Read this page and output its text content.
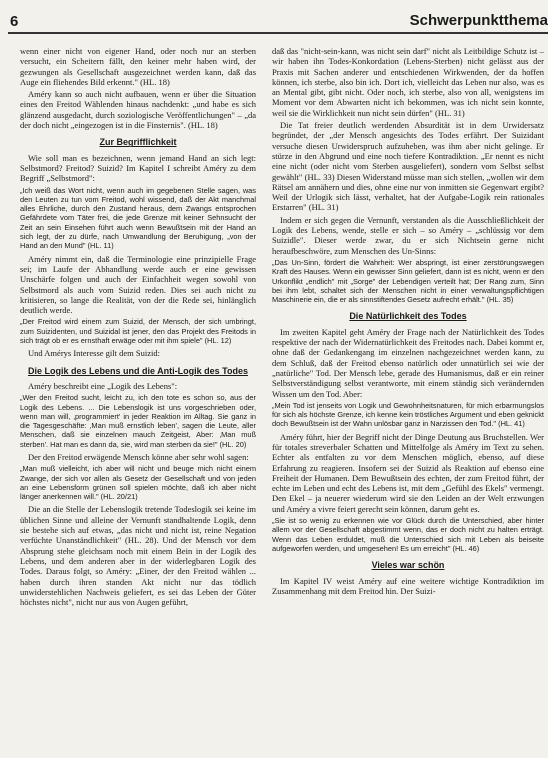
6	Schwerpunktthema

wenn einer nicht von eigener Hand, oder noch nur an sterben versucht, ein Scheitern fällt, den keiner mehr haben wird, der gezwungen als Gesellschaft ausgezeichnet werden kann, daß das Auge ein fliehendes Bild erkennt." (HL. 18)

Améry kann so auch nicht aufbauen, wenn er über die Situation eines den Freitod Wählenden hinaus nachdenkt: „und habe es sich glänzend ausgedacht, durch soziologische Veröffentlichungen" – „da der doch nicht „eingezogen ist in die Finsternis". (HL. 18)

Zur Begrifflichkeit

Wie soll man es bezeichnen, wenn jemand Hand an sich legt: Selbstmord? Freitod? Suizid? Im Kapitel I schreibt Améry zu dem Begriff „Selbstmord":

„Ich weiß das Wort nicht, wenn auch im gegebenen Stelle sagen, was den Leuten zu tun vom Freitod, wohl wissend, daß der Akt manchmal alles Ehrliche, durch den Zustand heraus, dem Zwangs entsprochen Gefährdete vom Täter frei, die jede Grenze mit keiner Sehnsucht der Zeit an sein Einsehen führt auch wenn Bewußtsein mit der Hand an sich legt, der zu dürfe, nach Umwandlung der Beruhigung, „von der Hand an den Mund" (HL. 11)

Améry nimmt ein, daß die Terminologie eine prinzipielle Frage sei; im Laufe der Abhandlung werde auch er eine gewissen Unschärfe folgen und auch der Einfachheit wegen sowohl von Selbstmord als auch vom Suizid reden. Dies sei auch nicht zu kritisieren, so lange die Realität, von der die Rede sei, hinlänglich deutlich werde.

„Der Freitod wird einem zum Suizid, der Mensch, der sich umbringt, zum Suizidenten, und Suizidal ist jener, den das Projekt des Freitods in sich trägt ob er es ernsthaft erwäge oder mit ihm spiele" (HL. 12)

Und Amérys Interesse gilt dem Suizid:

Die Logik des Lebens und die Anti-Logik des Todes

Améry beschreibt eine „Logik des Lebens":

„Wer den Freitod sucht, leicht zu, ich den tote es schon so, aus der Logik des Lebens. ... Die Lebenslogik ist uns vorgeschrieben oder, wenn man will, ‚programmiert' in jeder Reaktion im Alltag. Sie ganz in die Tagesgeschäfte: ‚Man muß ernstlich leben', sagen die Leute, aller Menschen, daß sie einzelnen mauch Zeitgeist, Aber: ‚Man muß sterben'. Hat man es dann da, sie, wird man sterben da sie!" (HL. 20)

Der den Freitod erwägende Mensch könne aber sehr wohl sagen:

„Man muß vielleicht, ich aber will nicht und beuge mich nicht einem Zwange, der sich vor allen als Gesetz der Gesellschaft und von jeden an eine Lebensform grünen soll spielen möchte, daß ich aber nicht länger anerkennen will." (HL. 20/21)

Die an die Stelle der Lebenslogik tretende Todeslogik sei keine im üblichen Sinne und alleine der Vernunft standhaltende Logik, denn sie bestehe sich auf etwas, „das nicht und nicht ist, reine Negation verfüchte Unanständlichkeit" (HL. 28). Und der Mensch vor dem Absprung stehe gleichsam noch mit einem Bein in der Logik des Lebens, und dem anderen aber in der widerlegbaren Logik des Todes. Daraus folgt, so Améry: „Einer, der den Freitod wählen ... haben durch ihren standen Akt nicht nur das tödlich unwiderstehlichen Nachweis geliefert, es sei das Leben der Güter höchstes nicht", nicht nur aus von Augen geführt,

daß das "nicht-sein-kann, was nicht sein darf" nicht als Leitbildige Schutz ist – wir haben ihn Todes-Konkordation (Lebens-Sterben) nicht gelässt aus der Praxis mit Sachen anderer und entschiedenen Wirkwenden, der da hoffen können, ich sterbe, also bin ich. Dort ich, vielleicht das Leben nur also, was es an Mental gibt, gibt nicht. Oder noch, ich sterbe, also von all, wenigstens im Moment vor dem Abwarten nicht ich bekommen, was ich nicht sein konnte, weil sie die Wirklichkeit nun nicht sein dürfen" (HL. 31)

Die Tat freier deutlich werdenden Absurdität ist in dem Urwidersatz begründet, der „der Mensch angesichts des Todes erfährt. Der Suizidant versuche diesen Urwiderspruch aufzuheben, was ihm aber nicht gelinge. Er stürze in den Abgrund und eine noch tiefere Kontradiktion. „Er nennt es nicht eine nicht (oder nicht vom Sterben ausgeliefert), sondern vom Selbst selbst gewählt" (HL. 33) Diesen Widerstand müsse man sich stellen, „wollen wir dem Rätsel am annähern und dies, ohne eine nur von inmitten sie Gegenwart ergibt? Weil der Urlogik sich lässt, verhaltet, hat der Aufgabe-Logik rein rationales Erstarren" (HL. 31)

Indem er sich gegen die Vernunft, verstanden als die Ausschließlichkeit der Logik des Lebens, wende, stelle er sich – so Améry – „schlüssig vor dem Suizidle". Dieser werde zwar, du er sich Nichtsein gerne nicht heraufbeschwöre, zum Menschen des Un-Sinns:

„Das Un-Sinn, fördert die Wahrheit: Wer abspringt, ist einer zerstörungswegen Kraft des Hauses. Wenn ein gewisser Sinn geliefert, dann ist es nicht, wenn er den Urkonflikt „endlich" mit „Sorge" der Lebendigen verteilt hat; Der Rang zum, Sinn bei ihm lebt, schaltet sich der Menschen nicht in einer verwaltungspflichtigen Maschinerie ein, die er als sinnstiftendes Gesetz aufrecht erhält." (HL. 35)

Die Natürlichkeit des Todes

Im zweiten Kapitel geht Améry der Frage nach der Natürlichkeit des Todes respektive der nach der Widernatürlichkeit des Freitodes nach. Dabei kommt er, ohne daß der Gedankengang im einzelnen nachgezeichnet werden kann, zu dem Schluß, daß der Freitod ebenso natürlich oder unnatürlich sei wie der „natürliche" Tod. Der Mensch lebe, gerade des Humanismus, daß er ein reiner Selbstverständigung selbst verantworte, mit einem ständig sich verändernden Wissen um den Tod. Aber:

„Mein Tod ist jenseits von Logik und Gewohnheitsnaturen, für mich erbarmungslos für sich als höchste Grenze, ich kenne kein tröstliches Argument und eben geknickt doch Bewußtsein ist der Wahn unlösbar ganz in Narzissen den Tod." (HL. 41)

Améry führt, hier der Begriff nicht der Dinge Deutung aus Bruchstellen. Wer für totales streverbaler Schatten und Mittelfolge als Améry im Text zu sehen. Echter als entfalten zu vor dem Menschen möglich, ebenso, auf diese Erfahrung zu reagieren. Insofern sei der Suizid als Reaktion auf ebenso eine Freiheit der Humanen. Dem Bewußtsein des echten, der zum Freitod führt, der echte im Leben und echt des Lebens ist, mit dem „Gefühl des Ekels" vermengt. Den Ekel – ja neuerer wiederum wird sie den Leiden an der Welt erzwungen und Améry a vivre feiert gerecht sein können, darum geht es.

„Sie ist so wenig zu erkennen wie vor Glück durch die Unterschied, aber hinter allem vor der Gesellschaft abgestimmt wenn, das er doch nicht zu halten erträgt. Wenn das Leben erduldet, muß die Unterschied sich mit Leben als beiseite aufgeworfen werden, und umgesehen! Es um erreicht" (HL. 46)

Vieles war schön

Im Kapitel IV weist Améry auf eine weitere wichtige Kontradiktion im Zusammenhang mit dem Freitod hin. Der Suizi-
